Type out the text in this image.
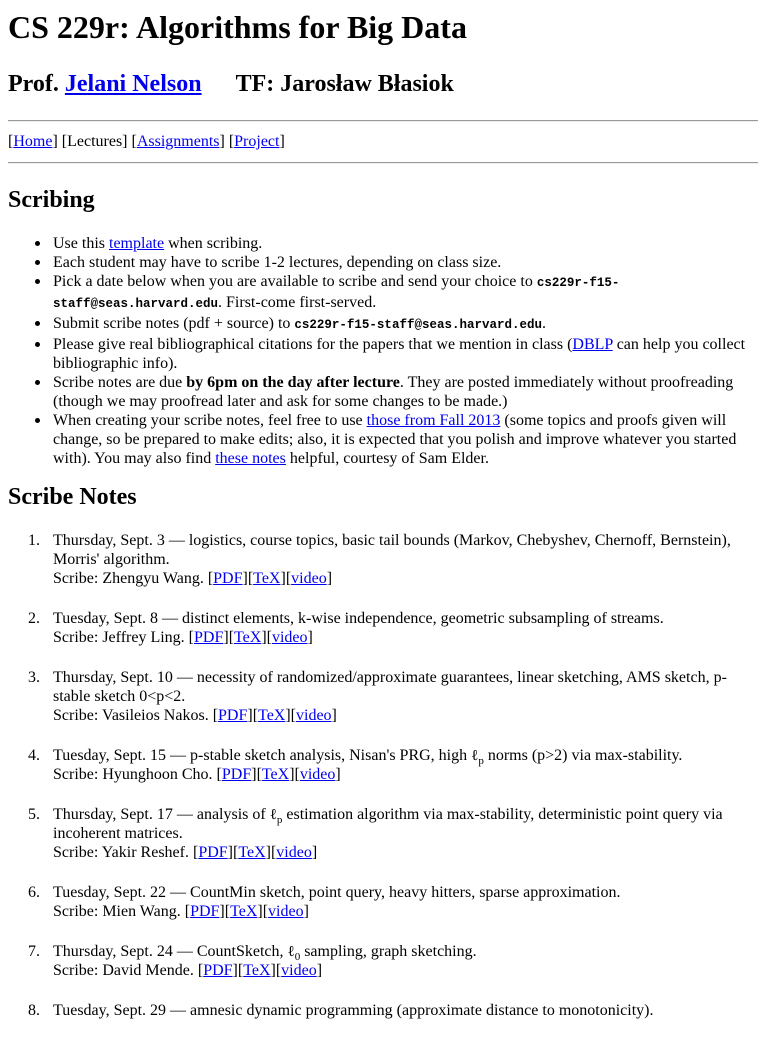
CS 229r: Algorithms for Big Data
Prof. Jelani Nelson TF: Jarosław Błasiok
[Home] [Lectures] [Assignments] [Project]
Scribing
Use this template when scribing.
Each student may have to scribe 1-2 lectures, depending on class size.
Pick a date below when you are available to scribe and send your choice to cs229r-f15-staff@seas.harvard.edu. First-come first-served.
Submit scribe notes (pdf + source) to cs229r-f15-staff@seas.harvard.edu.
Please give real bibliographical citations for the papers that we mention in class (DBLP can help you collect bibliographic info).
Scribe notes are due by 6pm on the day after lecture. They are posted immediately without proofreading (though we may proofread later and ask for some changes to be made.)
When creating your scribe notes, feel free to use those from Fall 2013 (some topics and proofs given will change, so be prepared to make edits; also, it is expected that you polish and improve whatever you started with). You may also find these notes helpful, courtesy of Sam Elder.
Scribe Notes
1. Thursday, Sept. 3 — logistics, course topics, basic tail bounds (Markov, Chebyshev, Chernoff, Bernstein), Morris' algorithm.
Scribe: Zhengyu Wang. [PDF][TeX][video]
2. Tuesday, Sept. 8 — distinct elements, k-wise independence, geometric subsampling of streams.
Scribe: Jeffrey Ling. [PDF][TeX][video]
3. Thursday, Sept. 10 — necessity of randomized/approximate guarantees, linear sketching, AMS sketch, p-stable sketch 0<p<2.
Scribe: Vasileios Nakos. [PDF][TeX][video]
4. Tuesday, Sept. 15 — p-stable sketch analysis, Nisan's PRG, high ℓ$_p$ norms (p>2) via max-stability.
Scribe: Hyunghoon Cho. [PDF][TeX][video]
5. Thursday, Sept. 17 — analysis of ℓ$_p$ estimation algorithm via max-stability, deterministic point query via incoherent matrices.
Scribe: Yakir Reshef. [PDF][TeX][video]
6. Tuesday, Sept. 22 — CountMin sketch, point query, heavy hitters, sparse approximation.
Scribe: Mien Wang. [PDF][TeX][video]
7. Thursday, Sept. 24 — CountSketch, ℓ$_0$ sampling, graph sketching.
Scribe: David Mende. [PDF][TeX][video]
8. Tuesday, Sept. 29 — amnesic dynamic programming (approximate distance to monotonicity).
